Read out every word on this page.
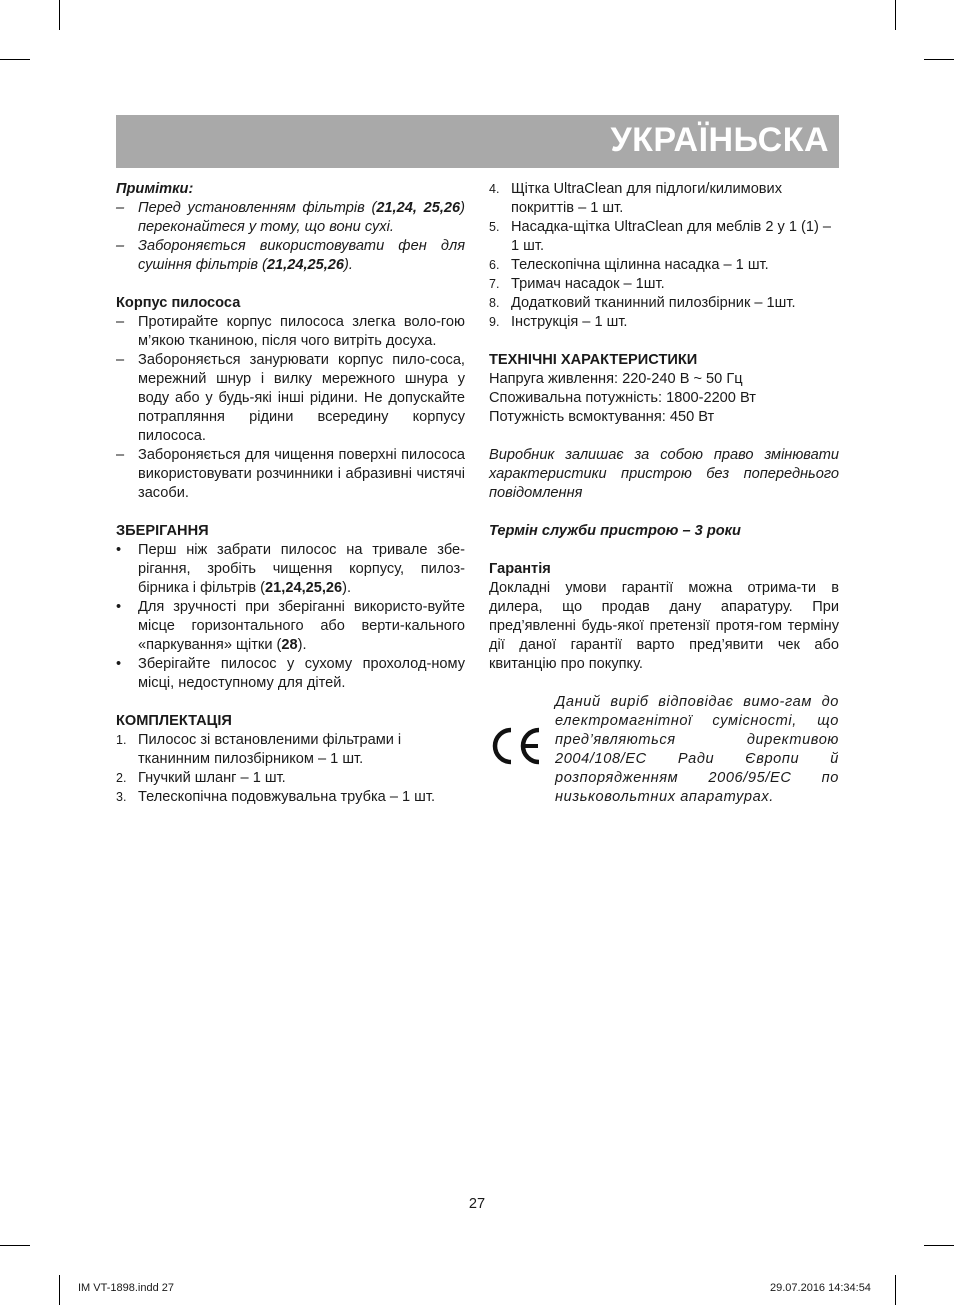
УКРАЇНЬСКА

Примітки:

– Перед установленням фільтрів (21,24, 25,26) переконайтеся у тому, що вони сухі.
– Забороняється використовувати фен для сушіння фільтрів (21,24,25,26).

Корпус пилососа

– Протирайте корпус пилососа злегка воло-гою м’якою тканиною, після чого витріть досуха.
– Забороняється занурювати корпус пило-соса, мережний шнур і вилку мережного шнура у воду або у будь-які інші рідини. Не допускайте потрапляння рідини всередину корпусу пилососа.
– Забороняється для чищення поверхні пилососа використовувати розчинники і абразивні чистячі засоби.

ЗБЕРІГАННЯ

• Перш ніж забрати пилосос на тривале збе-рігання, зробіть чищення корпусу, пилоз-бірника і фільтрів (21,24,25,26).
• Для зручності при зберіганні використо-вуйте місце горизонтального або верти-кального «паркування» щітки (28).
• Зберігайте пилосос у сухому прохолод-ному місці, недоступному для дітей.

КОМПЛЕКТАЦІЯ

1. Пилосос зі встановленими фільтрами і тканинним пилозбірником – 1 шт.
2. Гнучкий шланг – 1 шт.
3. Телескопічна подовжувальна трубка – 1 шт.
4. Щітка UltraClean для підлоги/килимових покриттів – 1 шт.
5. Насадка-щітка UltraClean для меблів 2 у 1 (1) – 1 шт.
6. Телескопічна щілинна насадка – 1 шт.
7. Тримач насадок – 1шт.
8. Додатковий тканинний пилозбірник – 1шт.
9. Інструкція – 1 шт.

ТЕХНІЧНІ ХАРАКТЕРИСТИКИ

Напруга живлення: 220-240 В ~ 50 Гц

Споживальна потужність: 1800-2200 Вт

Потужність всмоктування: 450 Вт

Виробник залишає за собою право змінювати характеристики пристрою без попереднього повідомлення

Термін служби пристрою – 3 роки

Гарантія

Докладні умови гарантії можна отрима-ти в дилера, що продав дану апаратуру. При пред’явленні будь-якої претензії протя-гом терміну дії даної гарантії варто пред’явити чек або квитанцію про покупку.

Даний виріб відповідає вимо-гам до електромагнітної сумісності, що пред’являються директивою 2004/108/ЕС Ради Європи й розпорядженням 2006/95/ЕС по низьковольтних апаратурах.

27
IM VT-1898.indd 27	29.07.2016 14:34:54
